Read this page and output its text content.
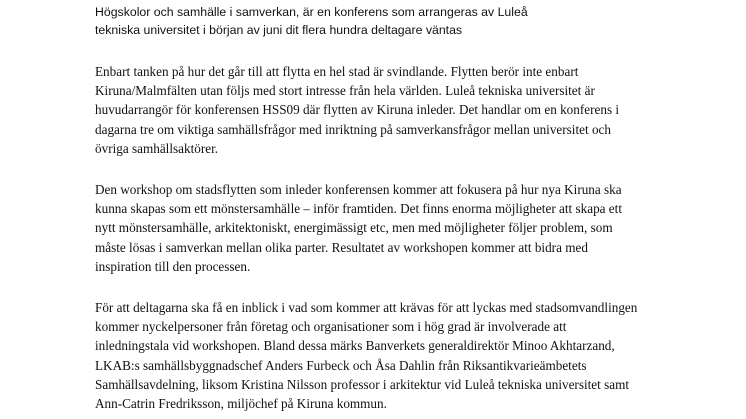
Högskolor och samhälle i samverkan, är en konferens som arrangeras av Luleå
tekniska universitet i början av juni dit flera hundra deltagare väntas
Enbart tanken på hur det går till att flytta en hel stad är svindlande. Flytten berör inte enbart
Kiruna/Malmfälten utan följs med stort intresse från hela världen. Luleå tekniska universitet är
huvudarrangör för konferensen HSS09 där flytten av Kiruna inleder. Det handlar om en konferens i
dagarna tre om viktiga samhällsfrågor med inriktning på samverkansfrågor mellan universitet och
övriga samhällsaktörer.
Den workshop om stadsflytten som inleder konferensen kommer att fokusera på hur nya Kiruna ska
kunna skapas som ett mönstersamhälle – inför framtiden. Det finns enorma möjligheter att skapa ett
nytt mönstersamhälle, arkitektoniskt, energimässigt etc, men med möjligheter följer problem, som
måste lösas i samverkan mellan olika parter. Resultatet av workshopen kommer att bidra med
inspiration till den processen.
För att deltagarna ska få en inblick i vad som kommer att krävas för att lyckas med stadsomvandlingen
kommer nyckelpersoner från företag och organisationer som i hög grad är involverade att
inledningstala vid workshopen. Bland dessa märks Banverkets generaldirektör Minoo Akhtarzand,
LKAB:s samhällsbyggnadschef Anders Furbeck och Åsa Dahlin från Riksantikvarieämbetets
Samhällsavdelning, liksom Kristina Nilsson professor i arkitektur vid Luleå tekniska universitet samt
Ann-Catrin Fredriksson, miljöchef på Kiruna kommun.
